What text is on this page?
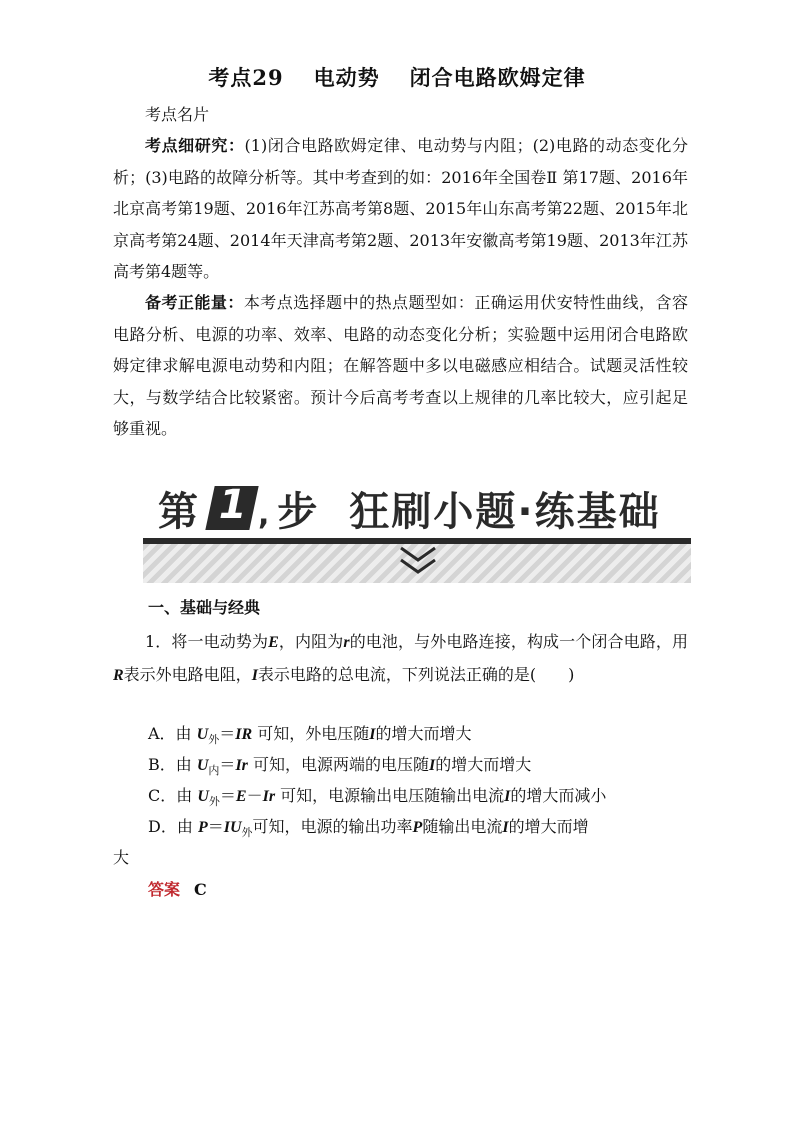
考点29 电动势 闭合电路欧姆定律
考点名片
考点细研究：(1)闭合电路欧姆定律、电动势与内阻；(2)电路的动态变化分析；(3)电路的故障分析等。其中考查到的如：2016年全国卷Ⅱ 第17题、2016年北京高考第19题、2016年江苏高考第8题、2015年山东高考第22题、2015年北京高考第24题、2014年天津高考第2题、2013年安徽高考第19题、2013年江苏高考第4题等。
备考正能量：本考点选择题中的热点题型如：正确运用伏安特性曲线，含容电路分析、电源的功率、效率、电路的动态变化分析；实验题中运用闭合电路欧姆定律求解电源电动势和内阻；在解答题中多以电磁感应相结合。试题灵活性较大，与数学结合比较紧密。预计今后高考考查以上规律的几率比较大，应引起足够重视。
第 1 , 步 狂刷小题·练基础
一、基础与经典
1．将一电动势为E，内阻为r的电池，与外电路连接，构成一个闭合电路，用R表示外电路电阻，I表示电路的总电流，下列说法正确的是(　　)
A．由 $U_外=IR$ 可知，外电压随I的增大而增大
B．由 $U_内=Ir$ 可知，电源两端的电压随I的增大而增大
C．由 $U_外=E-Ir$ 可知，电源输出电压随输出电流I的增大而减小
D．由 $P=IU_外$可知，电源的输出功率P随输出电流I的增大而增
大
答案 C
